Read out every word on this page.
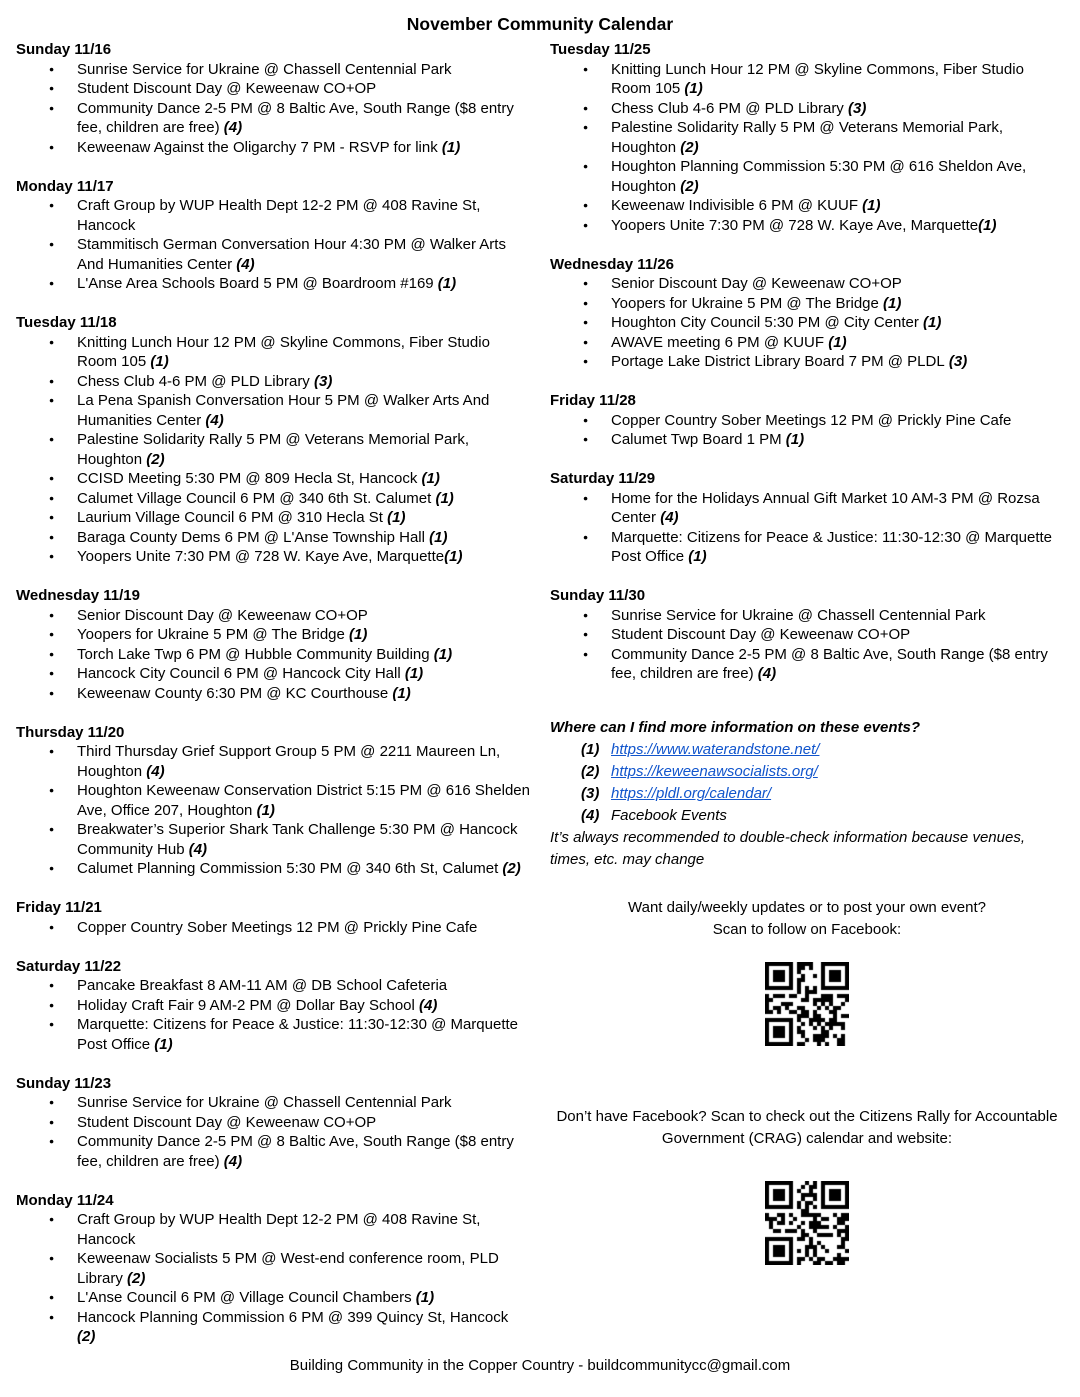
November Community Calendar
Sunday 11/16
● Sunrise Service for Ukraine @ Chassell Centennial Park
● Student Discount Day @ Keweenaw CO+OP
● Community Dance 2-5 PM @ 8 Baltic Ave, South Range ($8 entry fee, children are free) (4)
● Keweenaw Against the Oligarchy 7 PM - RSVP for link (1)
Monday 11/17
● Craft Group by WUP Health Dept 12-2 PM @ 408 Ravine St, Hancock
● Stammitisch German Conversation Hour 4:30 PM @ Walker Arts And Humanities Center (4)
● L'Anse Area Schools Board 5 PM @ Boardroom #169 (1)
Tuesday 11/18
● Knitting Lunch Hour 12 PM @ Skyline Commons, Fiber Studio Room 105 (1)
● Chess Club 4-6 PM @ PLD Library (3)
● La Pena Spanish Conversation Hour 5 PM @ Walker Arts And Humanities Center (4)
● Palestine Solidarity Rally 5 PM @ Veterans Memorial Park, Houghton (2)
● CCISD Meeting 5:30 PM @ 809 Hecla St, Hancock (1)
● Calumet Village Council 6 PM @ 340 6th St. Calumet (1)
● Laurium Village Council 6 PM @ 310 Hecla St (1)
● Baraga County Dems 6 PM @ L'Anse Township Hall (1)
● Yoopers Unite 7:30 PM @ 728 W. Kaye Ave, Marquette(1)
Wednesday 11/19
● Senior Discount Day @ Keweenaw CO+OP
● Yoopers for Ukraine 5 PM @ The Bridge (1)
● Torch Lake Twp 6 PM @ Hubble Community Building (1)
● Hancock City Council 6 PM @ Hancock City Hall (1)
● Keweenaw County 6:30 PM @ KC Courthouse (1)
Thursday 11/20
● Third Thursday Grief Support Group 5 PM @ 2211 Maureen Ln, Houghton (4)
● Houghton Keweenaw Conservation District 5:15 PM @ 616 Shelden Ave, Office 207, Houghton (1)
● Breakwater’s Superior Shark Tank Challenge 5:30 PM @ Hancock Community Hub (4)
● Calumet Planning Commission 5:30 PM @ 340 6th St, Calumet (2)
Friday 11/21
● Copper Country Sober Meetings 12 PM @ Prickly Pine Cafe
Saturday 11/22
● Pancake Breakfast 8 AM-11 AM @ DB School Cafeteria
● Holiday Craft Fair 9 AM-2 PM @ Dollar Bay School (4)
● Marquette: Citizens for Peace & Justice: 11:30-12:30 @ Marquette Post Office (1)
Sunday 11/23
● Sunrise Service for Ukraine @ Chassell Centennial Park
● Student Discount Day @ Keweenaw CO+OP
● Community Dance 2-5 PM @ 8 Baltic Ave, South Range ($8 entry fee, children are free) (4)
Monday 11/24
● Craft Group by WUP Health Dept 12-2 PM @ 408 Ravine St, Hancock
● Keweenaw Socialists 5 PM @ West-end conference room, PLD Library (2)
● L'Anse Council 6 PM @ Village Council Chambers (1)
● Hancock Planning Commission 6 PM @ 399 Quincy St, Hancock (2)
Tuesday 11/25
● Knitting Lunch Hour 12 PM @ Skyline Commons, Fiber Studio Room 105 (1)
● Chess Club 4-6 PM @ PLD Library (3)
● Palestine Solidarity Rally 5 PM @ Veterans Memorial Park, Houghton (2)
● Houghton Planning Commission 5:30 PM @ 616 Sheldon Ave, Houghton (2)
● Keweenaw Indivisible 6 PM @ KUUF (1)
● Yoopers Unite 7:30 PM @ 728 W. Kaye Ave, Marquette(1)
Wednesday 11/26
● Senior Discount Day @ Keweenaw CO+OP
● Yoopers for Ukraine 5 PM @ The Bridge (1)
● Houghton City Council 5:30 PM @ City Center (1)
● AWAVE meeting 6 PM @ KUUF (1)
● Portage Lake District Library Board 7 PM @ PLDL (3)
Friday 11/28
● Copper Country Sober Meetings 12 PM @ Prickly Pine Cafe
● Calumet Twp Board 1 PM (1)
Saturday 11/29
● Home for the Holidays Annual Gift Market 10 AM-3 PM @ Rozsa Center (4)
● Marquette: Citizens for Peace & Justice: 11:30-12:30 @ Marquette Post Office (1)
Sunday 11/30
● Sunrise Service for Ukraine @ Chassell Centennial Park
● Student Discount Day @ Keweenaw CO+OP
● Community Dance 2-5 PM @ 8 Baltic Ave, South Range ($8 entry fee, children are free) (4)
Where can I find more information on these events?
(1) https://www.waterandstone.net/
(2) https://keweenawsocialists.org/
(3) https://pldl.org/calendar/
(4) Facebook Events
It’s always recommended to double-check information because venues, times, etc. may change
Want daily/weekly updates or to post your own event?
Scan to follow on Facebook:
Don’t have Facebook? Scan to check out the Citizens Rally for Accountable Government (CRAG) calendar and website:
Building Community in the Copper Country - buildcommunitycc@gmail.com
